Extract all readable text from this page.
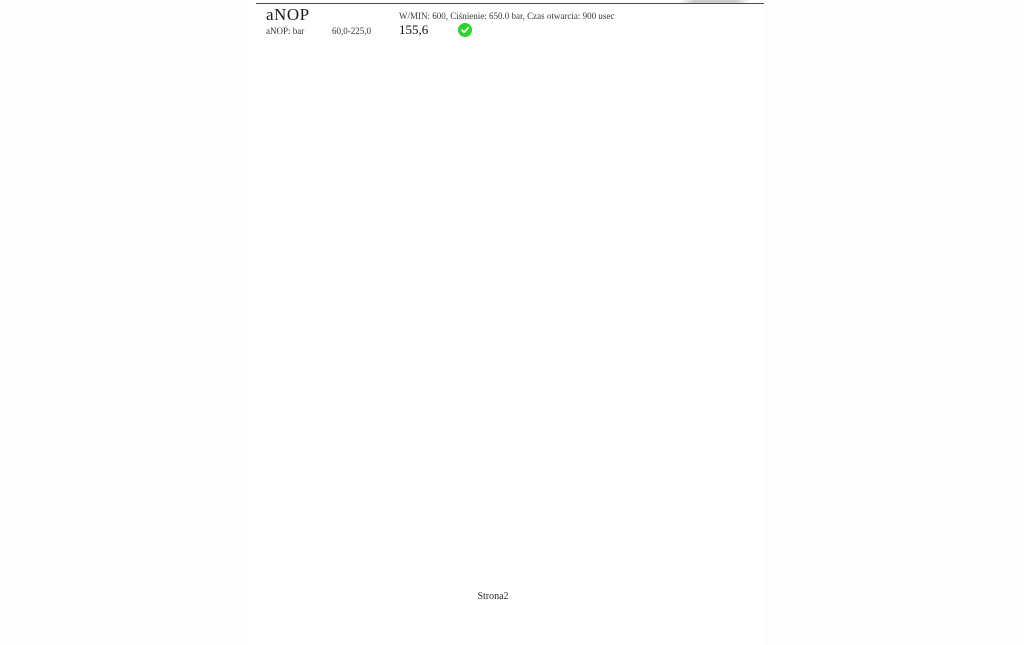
aNOP	W/MIN: 600, Ciśnienie: 650.0 bar, Czas otwarcia: 900 usec
aNOP: bar	60,0-225,0 155,6
Strona2
